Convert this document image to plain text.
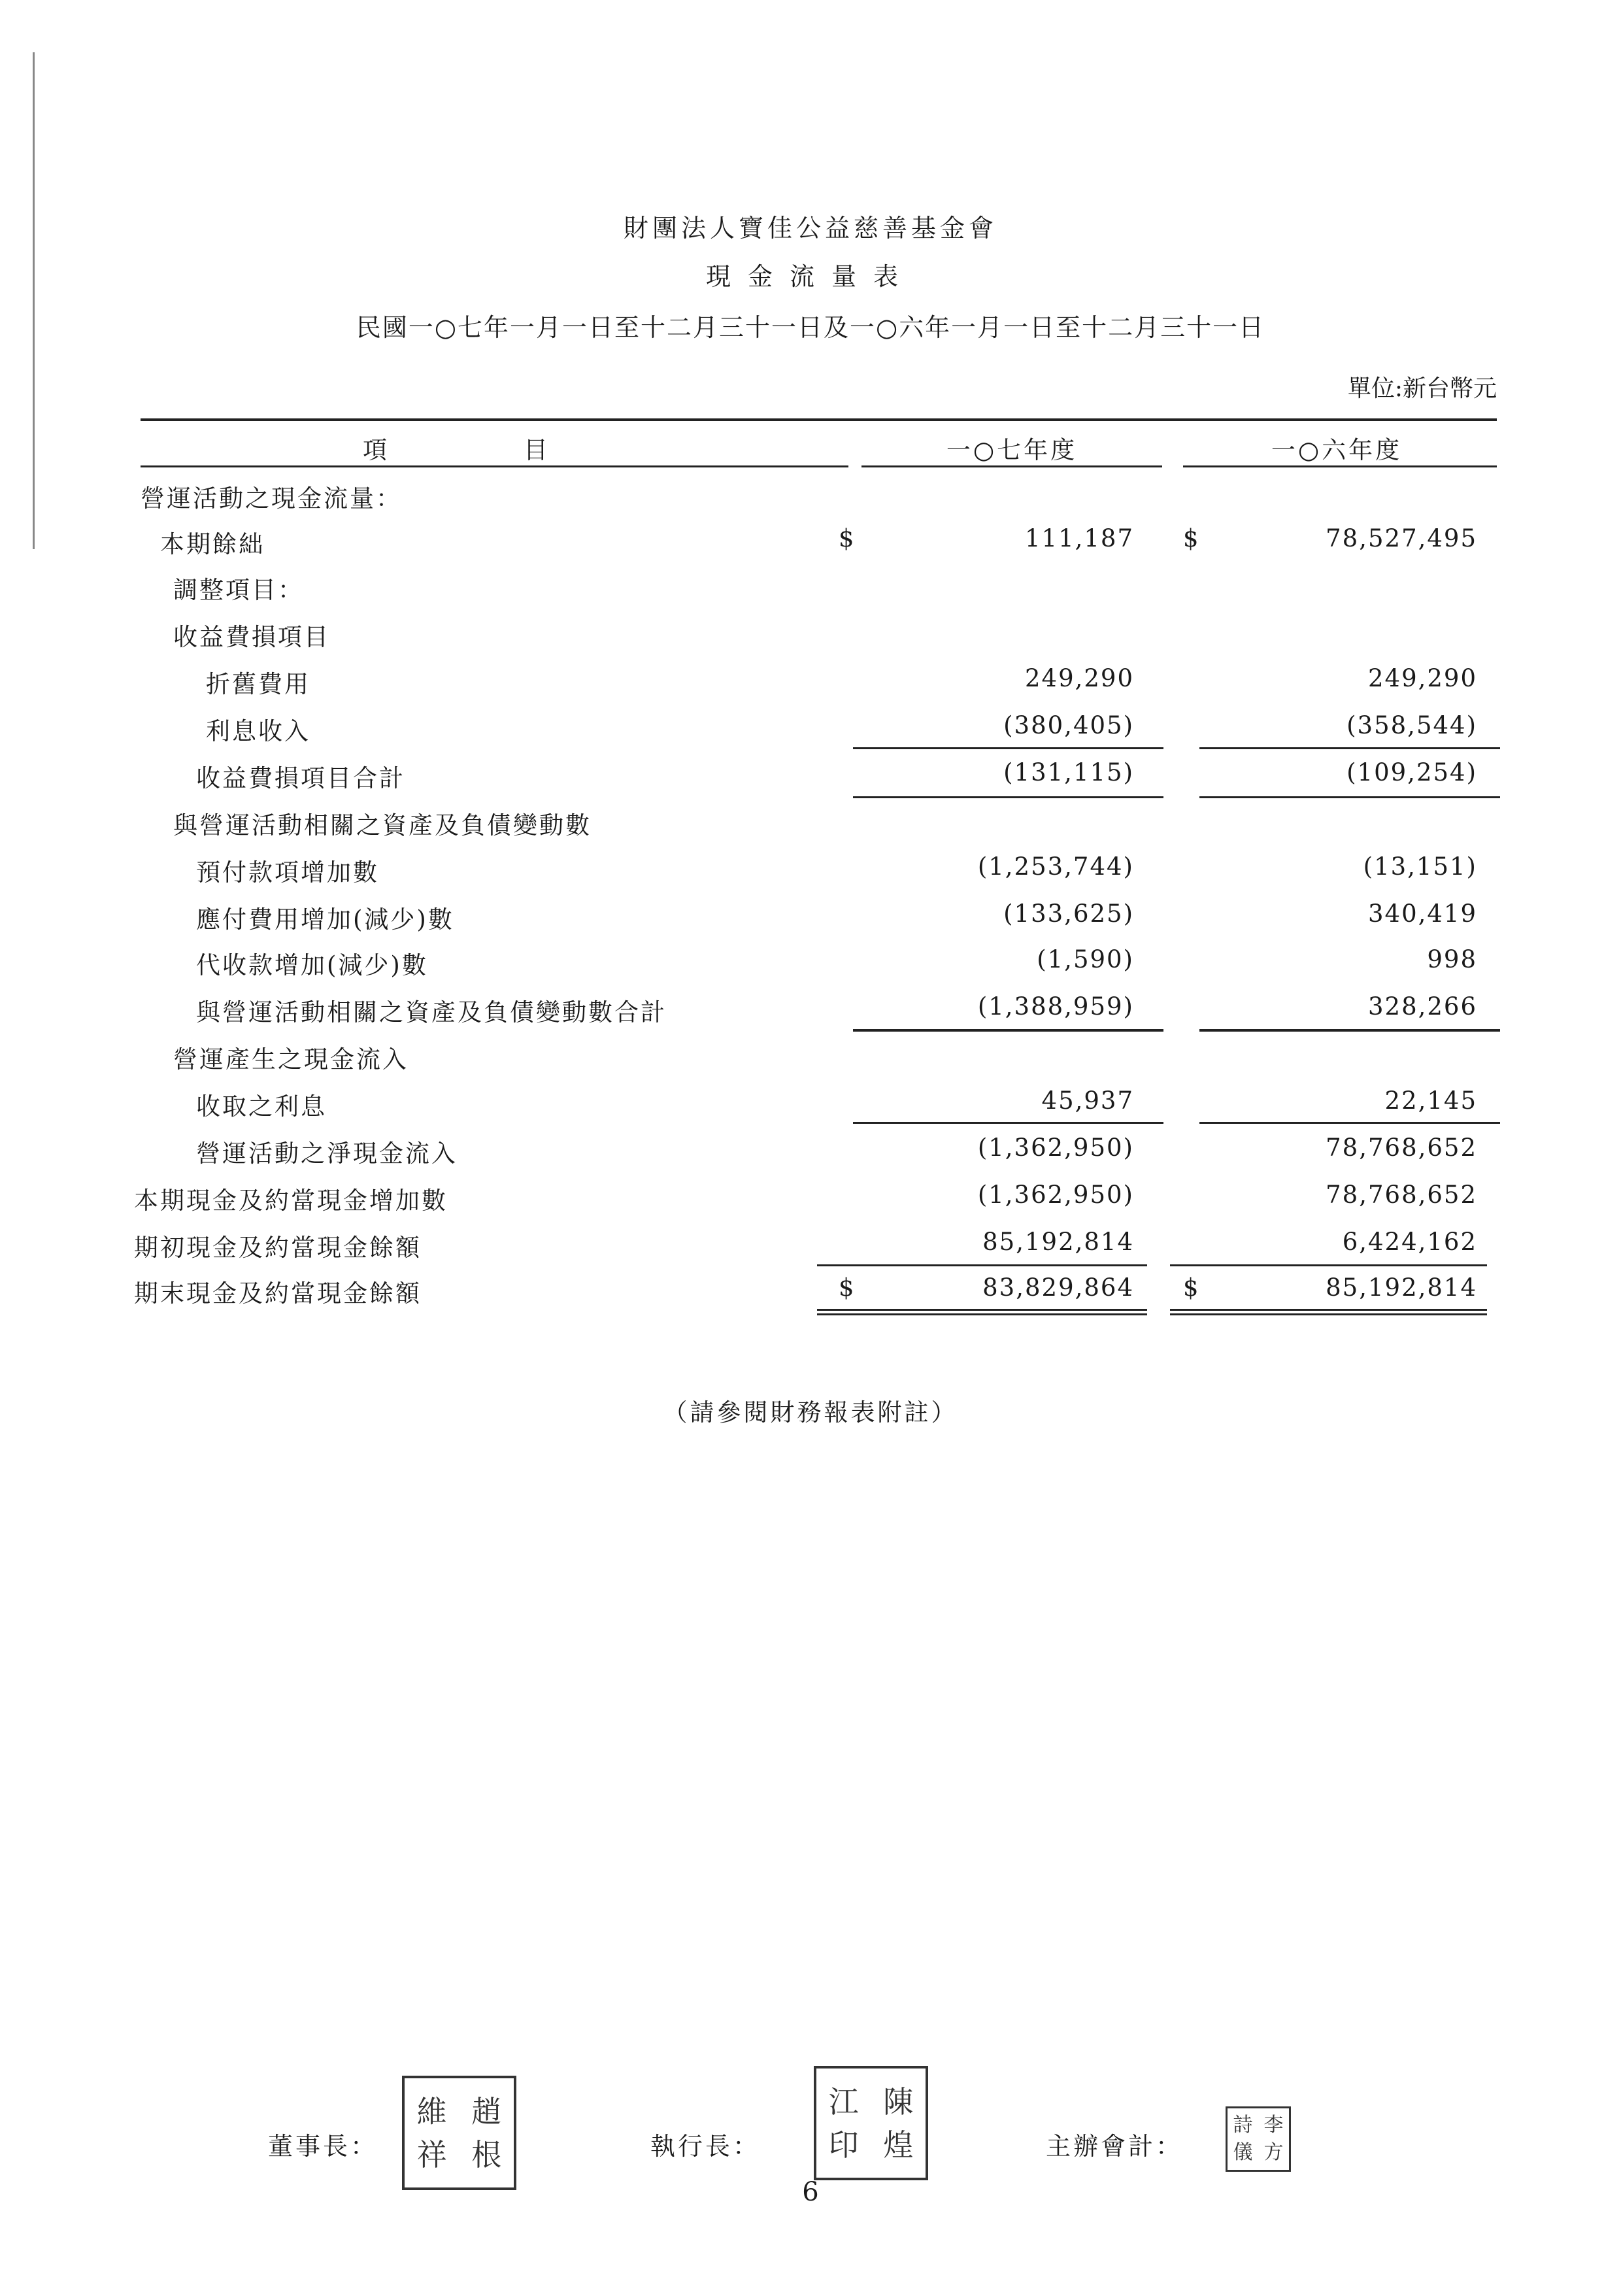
財團法人寶佳公益慈善基金會
現金流量表
民國一○七年一月一日至十二月三十一日及一○六年一月一日至十二月三十一日
單位:新台幣元
項　　　　　目	一○七年度	一○六年度
營運活動之現金流量：
本期餘絀	$	111,187 $	78,527,495
調整項目：
收益費損項目
折舊費用	249,290	249,290
利息收入	(380,405)	(358,544)
收益費損項目合計	(131,115)	(109,254)
與營運活動相關之資產及負債變動數
預付款項增加數	(1,253,744)	(13,151)
應付費用增加(減少)數	(133,625)	340,419
代收款增加(減少)數	(1,590)	998
與營運活動相關之資產及負債變動數合計	(1,388,959)	328,266
營運產生之現金流入
收取之利息	45,937	22,145
營運活動之淨現金流入	(1,362,950)	78,768,652
本期現金及約當現金增加數	(1,362,950)	78,768,652
期初現金及約當現金餘額	85,192,814	6,424,162
期末現金及約當現金餘額	$	83,829,864 $	85,192,814
（請參閱財務報表附註）
董事長：
維 趙
祥 根	執行長：
江 陳
印 煌	主辦會計：
詩 李
儀 方
6
